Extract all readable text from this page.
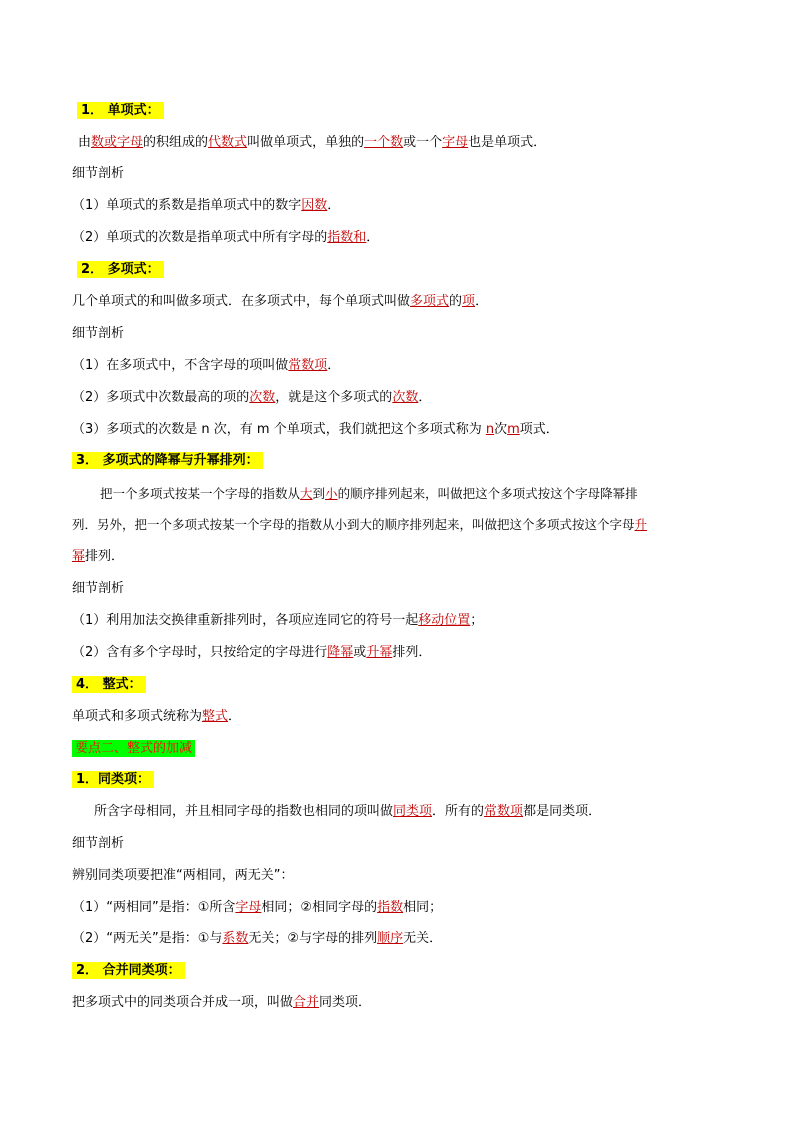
1． 单项式：
由数或字母的积组成的代数式叫做单项式，单独的一个数或一个字母也是单项式．
细节剖析
（1）单项式的系数是指单项式中的数字因数．
（2）单项式的次数是指单项式中所有字母的指数和．
2． 多项式：
几个单项式的和叫做多项式．在多项式中，每个单项式叫做多项式的项．
细节剖析
（1）在多项式中，不含字母的项叫做常数项．
（2）多项式中次数最高的项的次数，就是这个多项式的次数．
（3）多项式的次数是 n 次，有 m 个单项式，我们就把这个多项式称为 n次m项式．
3． 多项式的降幂与升幂排列：
把一个多项式按某一个字母的指数从大到小的顺序排列起来，叫做把这个多项式按这个字母降幂排
列．另外，把一个多项式按某一个字母的指数从小到大的顺序排列起来，叫做把这个多项式按这个字母升
幂排列．
细节剖析
（1）利用加法交换律重新排列时，各项应连同它的符号一起移动位置；
（2）含有多个字母时，只按给定的字母进行降幂或升幂排列．
4． 整式：
单项式和多项式统称为整式．
要点二、整式的加减
1．同类项：
所含字母相同，并且相同字母的指数也相同的项叫做同类项．所有的常数项都是同类项．
细节剖析
辨别同类项要把准“两相同，两无关”：
（1）“两相同”是指：①所含字母相同；②相同字母的指数相同；
（2）“两无关”是指：①与系数无关；②与字母的排列顺序无关．
2． 合并同类项：
把多项式中的同类项合并成一项，叫做合并同类项．
